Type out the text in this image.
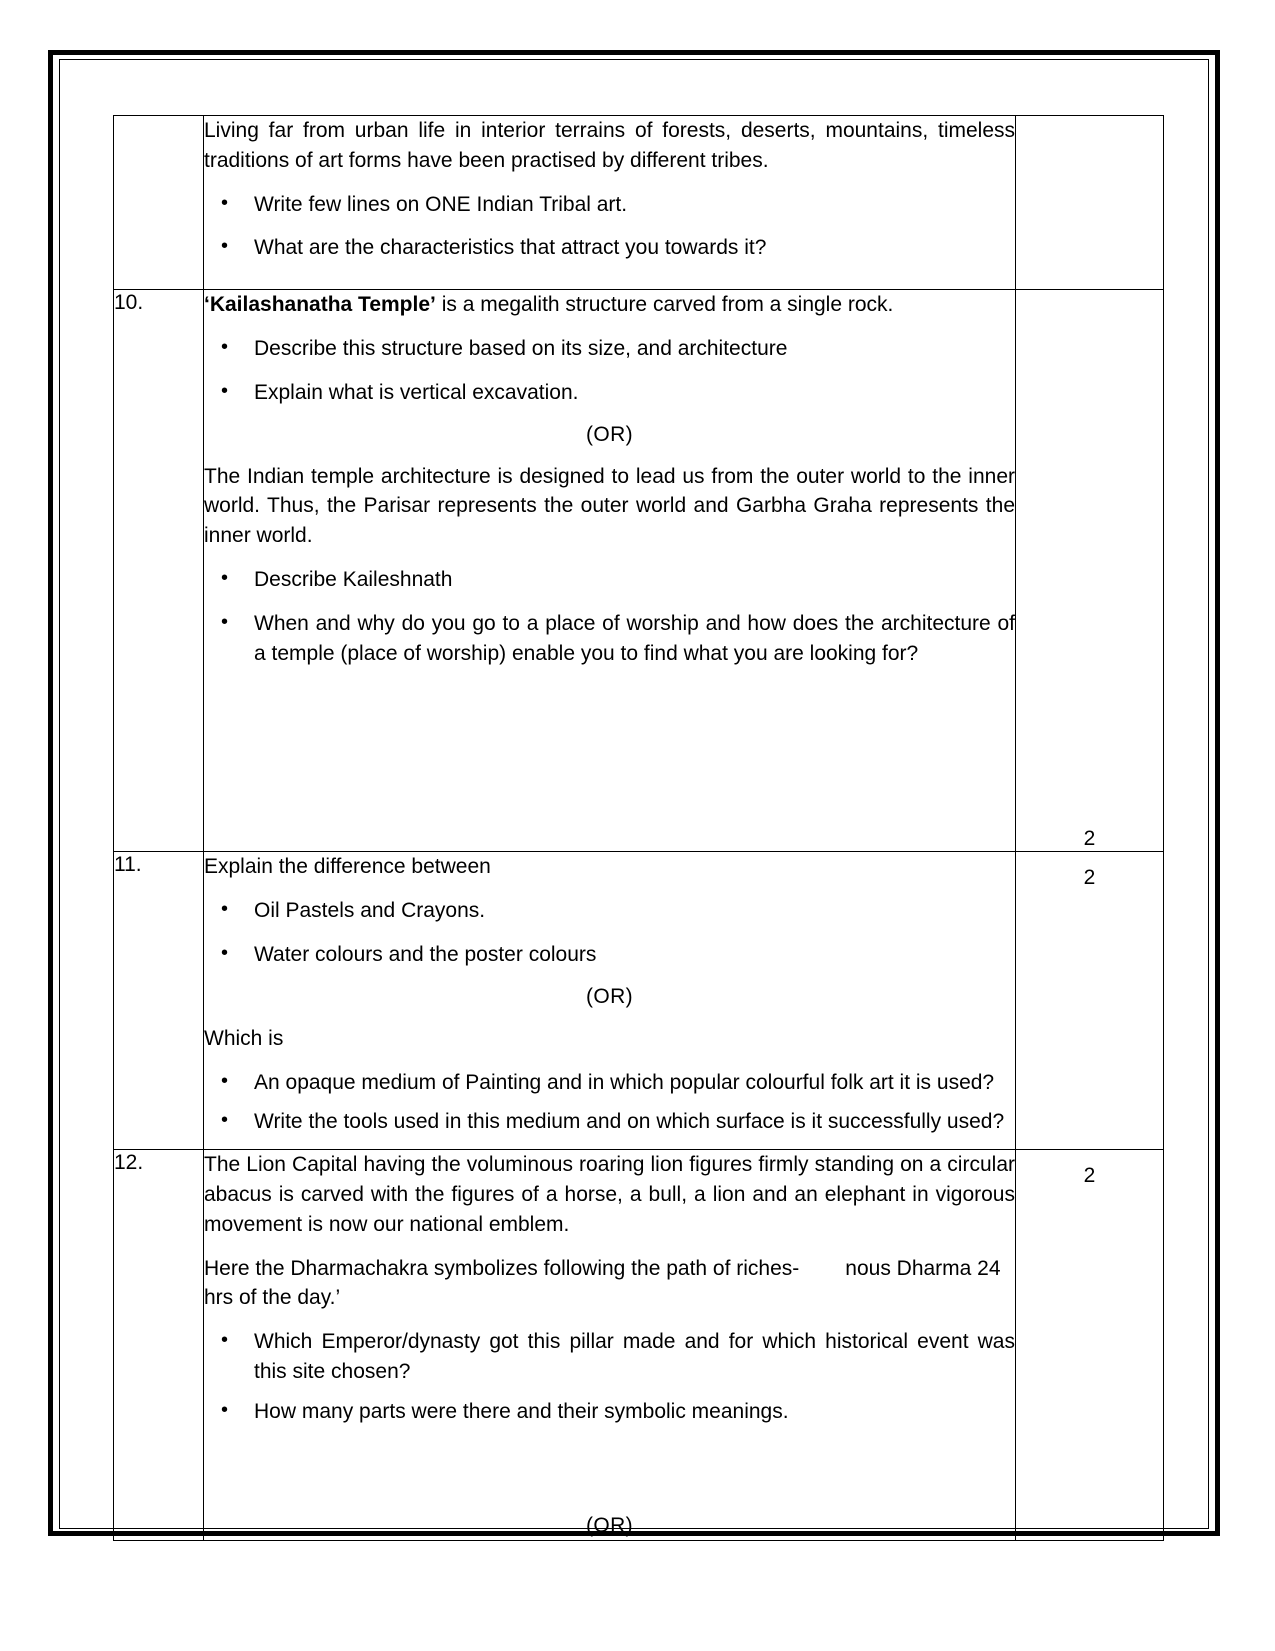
Living far from urban life in interior terrains of forests, deserts, mountains, timeless traditions of art forms have been practised by different tribes.

• Write few lines on ONE Indian Tribal art.
• What are the characteristics that attract you towards it?

10.	‘Kailashanatha Temple’ is a megalith structure carved from a single rock.

• Describe this structure based on its size, and architecture
• Explain what is vertical excavation.

(OR)

The Indian temple architecture is designed to lead us from the outer world to the inner world. Thus, the Parisar represents the outer world and Garbha Graha represents the inner world.

• Describe Kaileshnath
• When and why do you go to a place of worship and how does the architecture of a temple (place of worship) enable you to find what you are looking for?

2

11.	Explain the difference between

• Oil Pastels and Crayons.
• Water colours and the poster colours

(OR)

Which is

• An opaque medium of Painting and in which popular colourful folk art it is used?
• Write the tools used in this medium and on which surface is it successfully used?

2

12.	The Lion Capital having the voluminous roaring lion figures firmly standing on a circular abacus is carved with the figures of a horse, a bull, a lion and an elephant in vigorous movement is now our national emblem.

Here the Dharmachakra symbolizes following the path of riches- nous Dharma 24 hrs of the day.’

• Which Emperor/dynasty got this pillar made and for which historical event was this site chosen?
• How many parts were there and their symbolic meanings.

(OR)

2
